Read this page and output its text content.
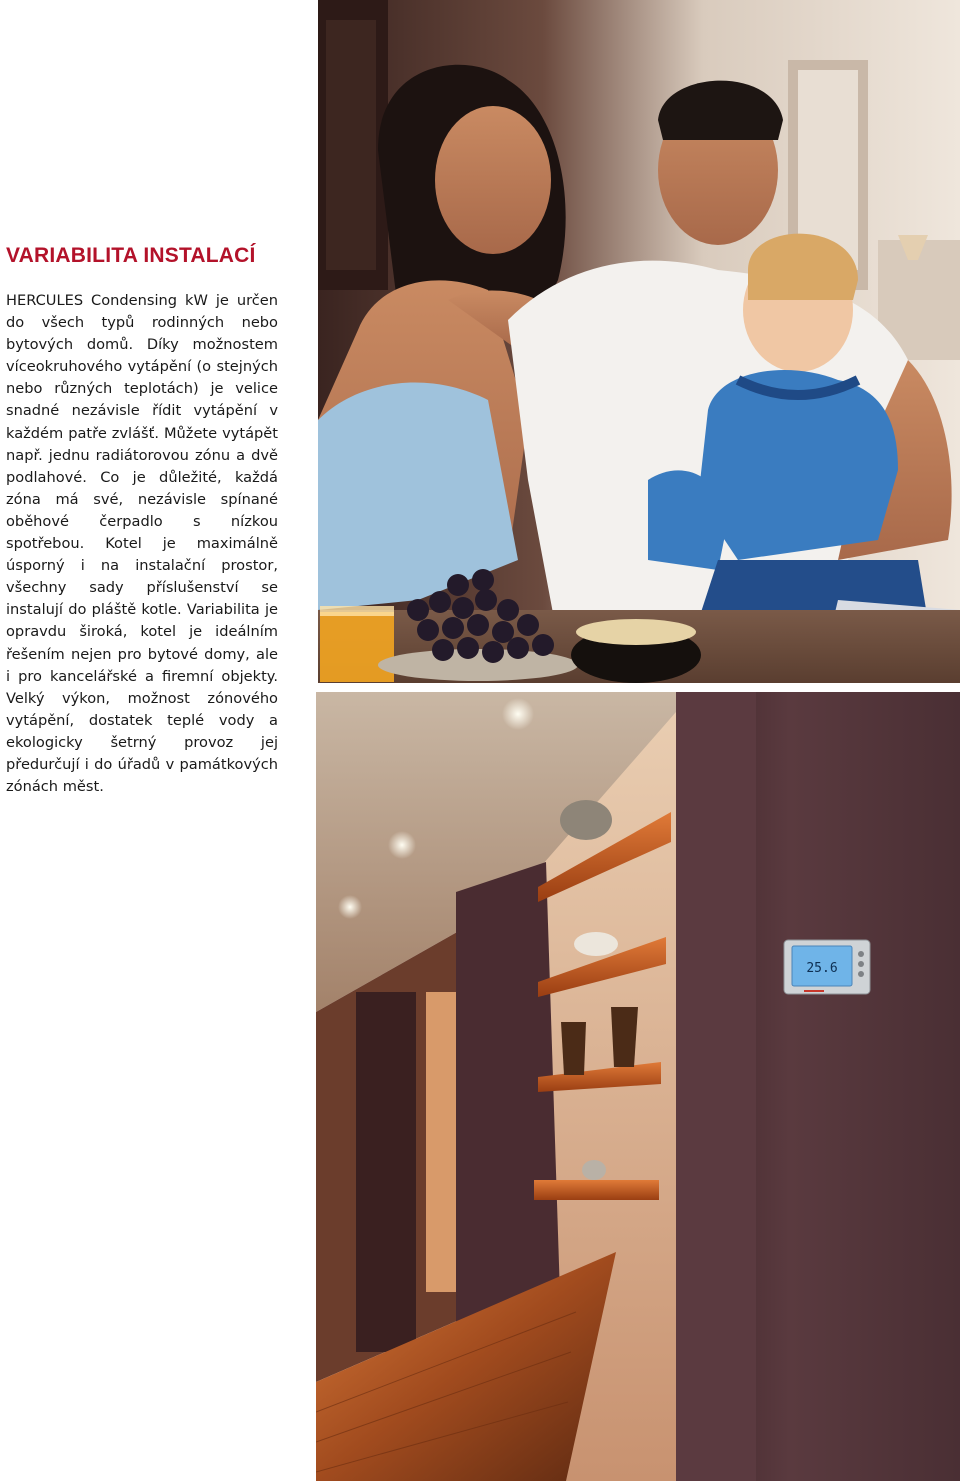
VARIABILITA INSTALACÍ
HERCULES Condensing kW je určen do všech typů rodinných nebo bytových domů. Díky možnostem víceokruhového vytápění (o stejných nebo různých teplotách) je velice snadné nezávisle řídit vytápění v každém patře zvlášť. Můžete vytápět např. jednu radiátorovou zónu a dvě podlahové. Co je důležité, každá zóna má své, nezávisle spínané oběhové čerpadlo s nízkou spotřebou. Kotel je maximálně úsporný i na instalační prostor, všechny sady příslušenství se instalují do pláště kotle. Variabilita je opravdu široká, kotel je ideálním řešením nejen pro bytové domy, ale i pro kancelářské a firemní objekty. Velký výkon, možnost zónového vytápění, dostatek teplé vody a ekologicky šetrný provoz jej předurčují i do úřadů v památkových zónách měst.
25.6
